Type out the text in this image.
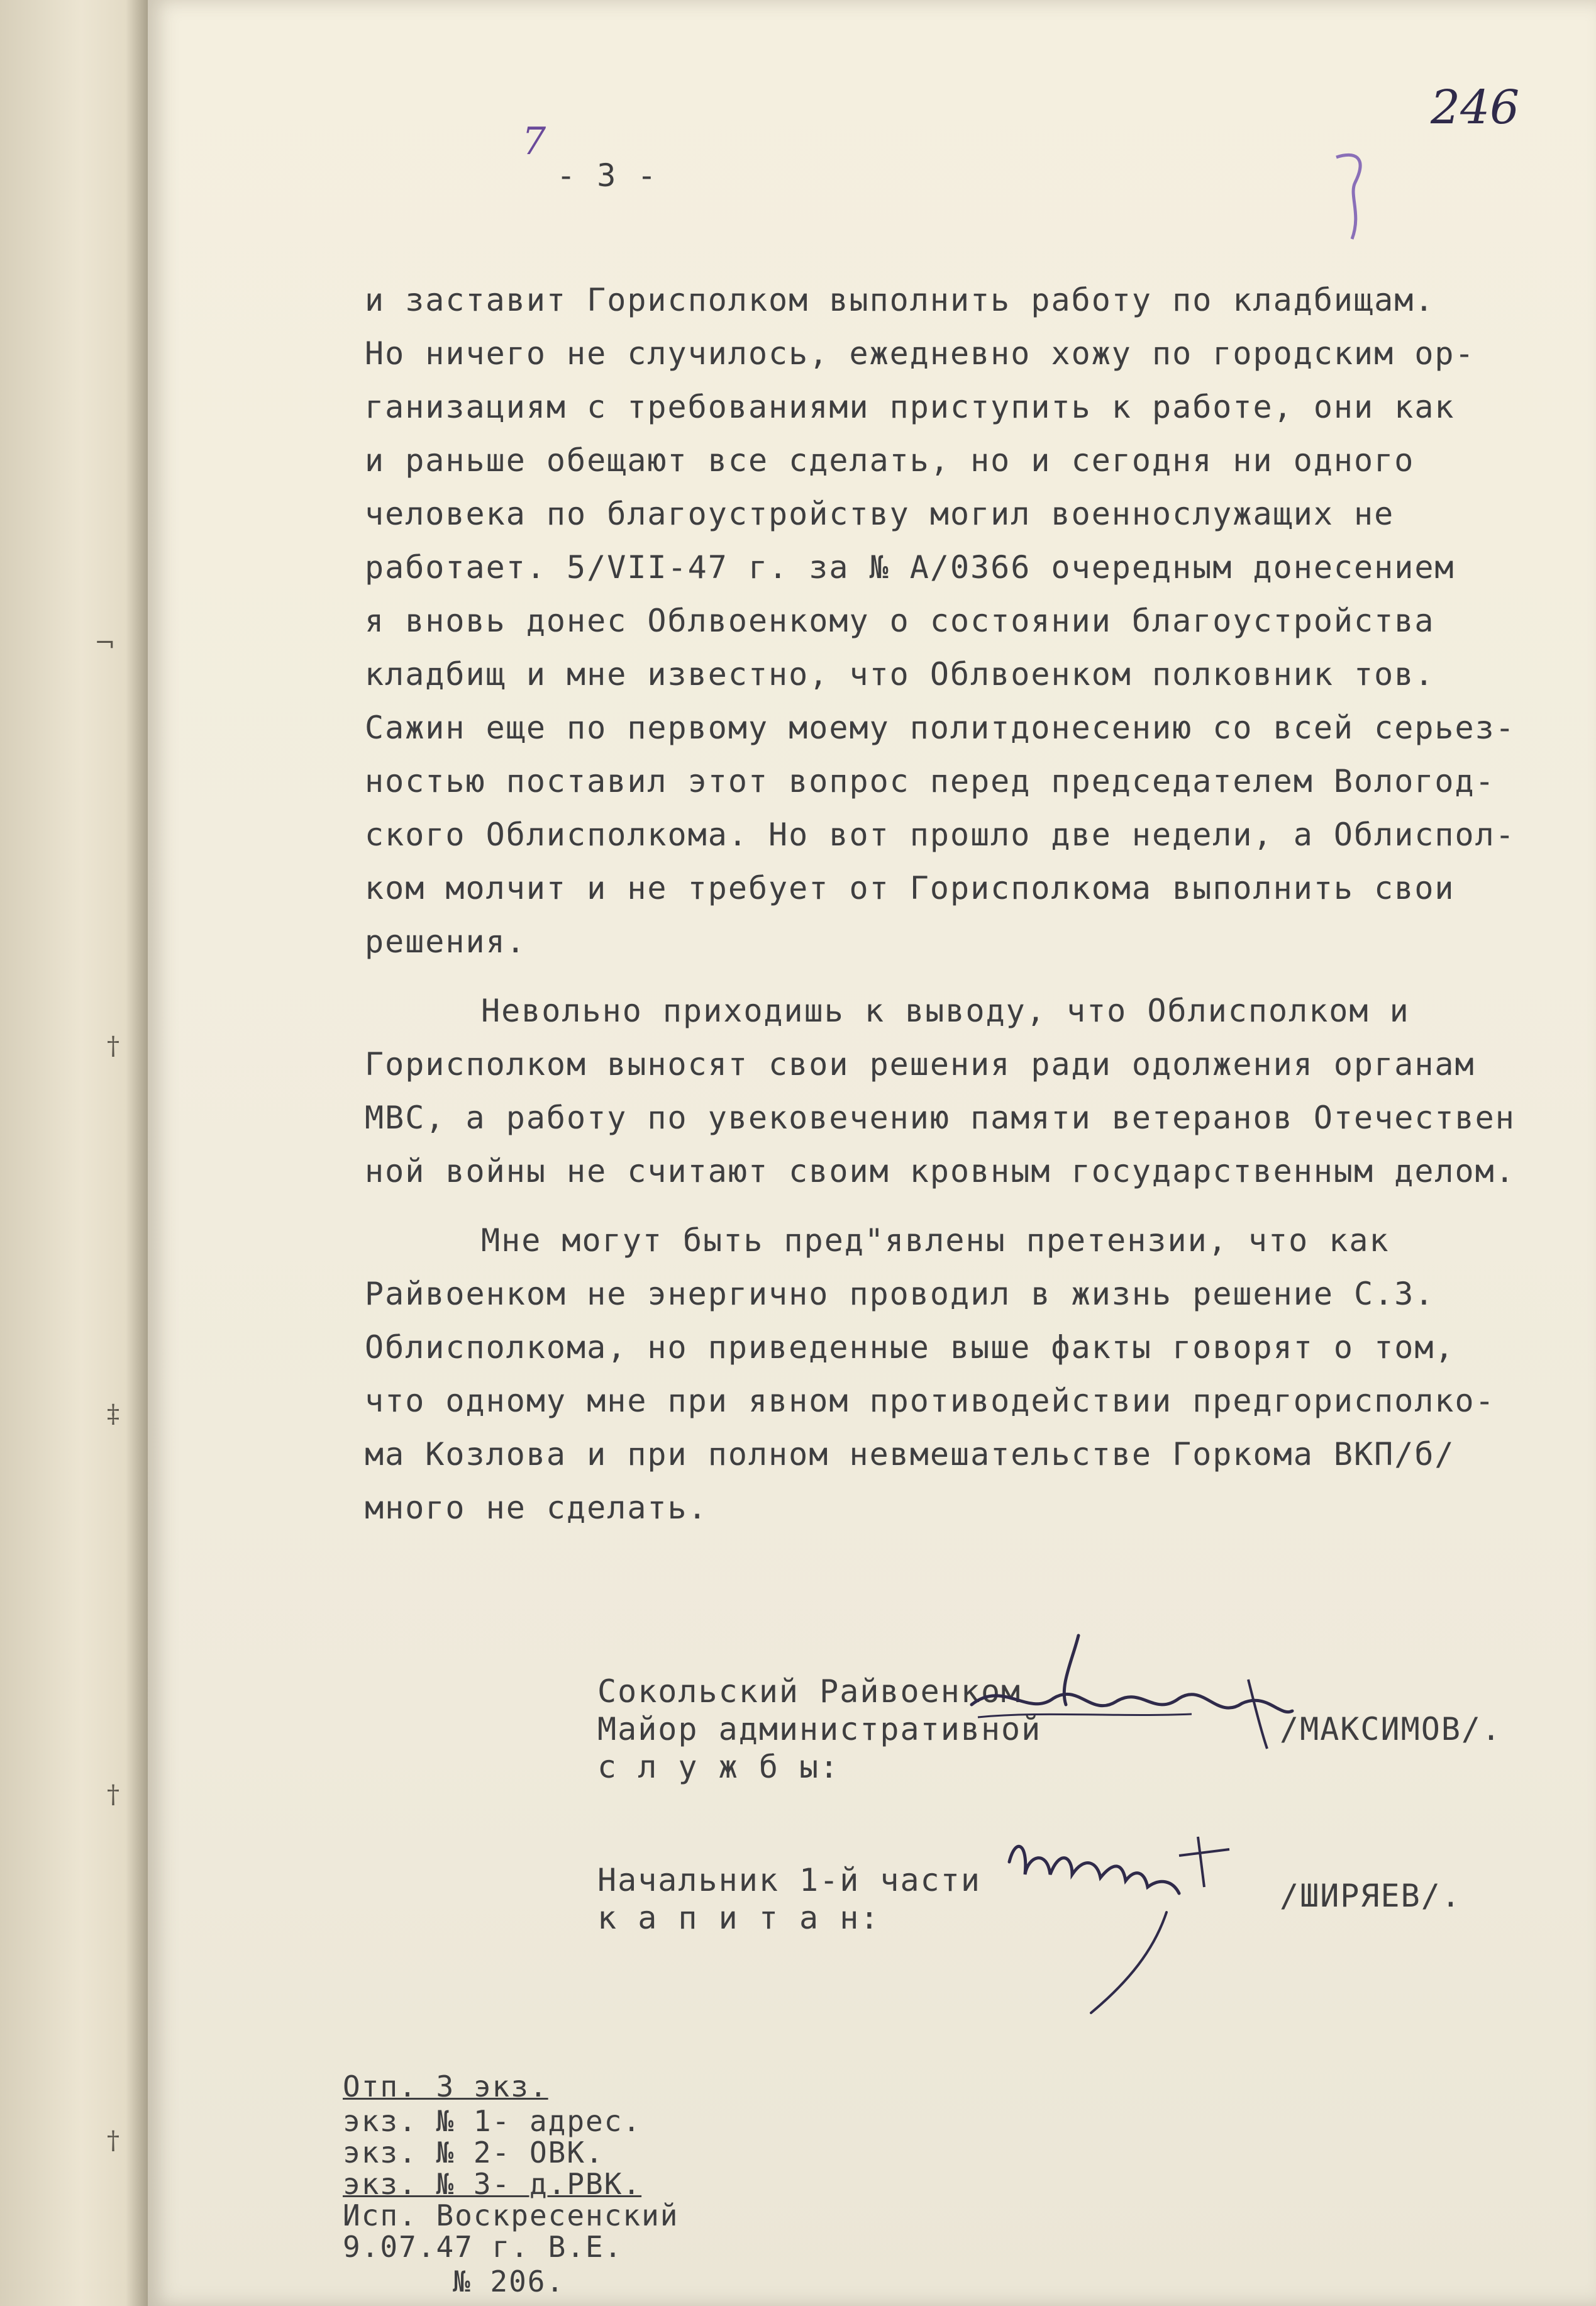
¬
†
‡
†
†
246
7
- 3 -
и заставит Горисполком выполнить работу по кладбищам.
Но ничего не случилось, ежедневно хожу по городским ор-
ганизациям с требованиями приступить к работе, они как
и раньше обещают все сделать, но и сегодня ни одного
человека по благоустройству могил военнослужащих не
работает. 5/VII-47 г. за № А/0366 очередным донесением
я вновь донес Облвоенкому о состоянии благоустройства
кладбищ и мне известно, что Облвоенком полковник тов.
Сажин еще по первому моему политдонесению со всей серьез-
ностью поставил этот вопрос перед председателем Вологод-
ского Облисполкома. Но вот прошло две недели, а Облиспол-
ком молчит и не требует от Горисполкома выполнить свои
решения.
Невольно приходишь к выводу, что Облисполком и
Горисполком выносят свои решения ради одолжения органам
МВС, а работу по увековечению памяти ветеранов Отечествен
ной войны не считают своим кровным государственным делом.
Мне могут быть пред"явлены претензии, что как
Райвоенком не энергично проводил в жизнь решение С.З.
Облисполкома, но приведенные выше факты говорят о том,
что одному мне при явном противодействии предгорисполко-
ма Козлова и при полном невмешательстве Горкома ВКП/б/
много не сделать.
Сокольский Райвоенком
Майор административной
с л у ж б ы:
/МАКСИМОВ/.
Начальник 1-й части
к а п и т а н:
/ШИРЯЕВ/.
Отп. 3 экз.
экз. № 1- адрес.
экз. № 2- ОВК.
экз. № 3- д.РВК.
Исп. Воскресенский
9.07.47 г. В.Е.
№ 206.
